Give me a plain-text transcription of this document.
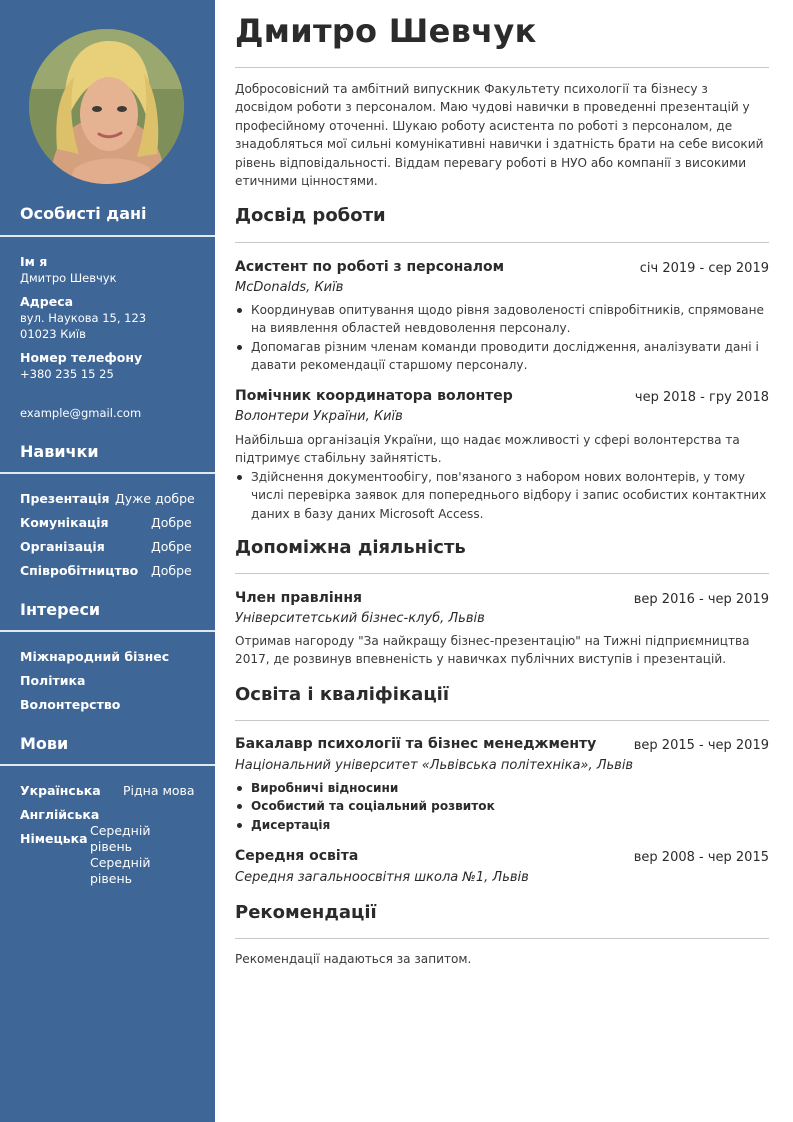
Особисті дані
Ім я
Дмитро Шевчук
Адреса
вул. Наукова 15, 123
01023 Київ
Номер телефону
+380 235 15 25
example@gmail.com
Навички
Презентація Дуже добре
Комунікація	Добре
Організація	Добре
Співробітництво Добре
Інтереси
Міжнародний бізнес
Політика
Волонтерство
Мови
Українська Рідна мова
Англійська
Середній рівень
Німецька
Середній рівень
Дмитро Шевчук

Добросовісний та амбітний випускник Факультету психології та бізнесу з досвідом роботи з персоналом. Маю чудові навички в проведенні презентацій у професійному оточенні. Шукаю роботу асистента по роботі з персоналом, де знадобляться мої сильні комунікативні навички і здатність брати на себе високий рівень відповідальності. Віддам перевагу роботі в НУО або компанії з високими етичними цінностями.

Досвід роботи
Асистент по роботі з персоналом	січ 2019 - сер 2019
McDonalds, Київ
Координував опитування щодо рівня задоволеності співробітників, спрямоване на виявлення областей невдоволення персоналу.
Допомагав різним членам команди проводити дослідження, аналізувати дані і давати рекомендації старшому персоналу.
Помічник координатора волонтер	чер 2018 - гру 2018
Волонтери України, Київ

Найбільша організація України, що надає можливості у сфері волонтерства та підтримує стабільну зайнятість.

Здійснення документообігу, пов'язаного з набором нових волонтерів, у тому числі перевірка заявок для попереднього відбору і запис особистих контактних даних в базу даних Microsoft Access.
Допоміжна діяльність
Член правління	вер 2016 - чер 2019
Університетський бізнес-клуб, Львів

Отримав нагороду "За найкращу бізнес-презентацію" на Тижні підприємництва 2017, де розвинув впевненість у навичках публічних виступів і презентацій.

Освіта і кваліфікації
Бакалавр психології та бізнес менеджменту	вер 2015 - чер 2019
Національний університет «Львівська політехніка», Львів
Виробничі відносини
Особистий та соціальний розвиток
Дисертація
Середня освіта	вер 2008 - чер 2015
Середня загальноосвітня школа №1, Львів
Рекомендації

Рекомендації надаються за запитом.
